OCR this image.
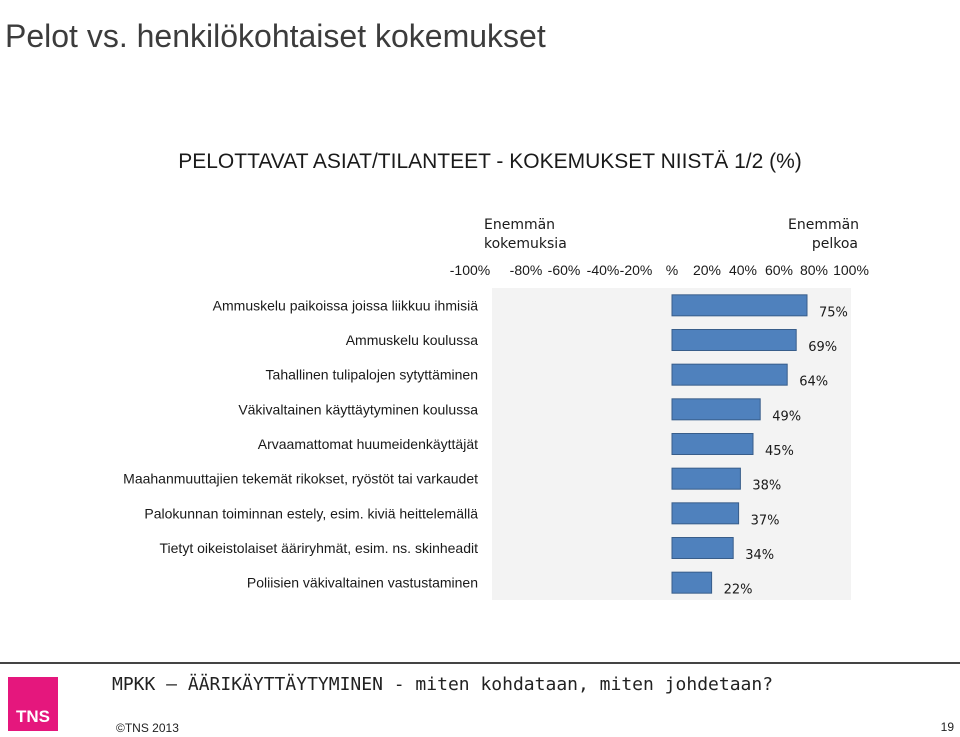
Pelot vs. henkilökohtaiset kokemukset
PELOTTAVAT ASIAT/TILANTEET - KOKEMUKSET NIISTÄ 1/2 (%)
Enemmän kokemuksia
Enemmän pelkoa
-100% -80% -60% -40% -20% % 20% 40% 60% 80% 100%
Ammuskelu paikoissa joissa liikkuu ihmisiä	75%
Ammuskelu koulussa	69%
Tahallinen tulipalojen sytyttäminen	64%
Väkivaltainen käyttäytyminen koulussa	49%
Arvaamattomat huumeidenkäyttäjät	45%
Maahanmuuttajien tekemät rikokset, ryöstöt tai varkaudet	38%
Palokunnan toiminnan estely, esim. kiviä heittelemällä	37%
Tietyt oikeistolaiset ääriryhmät, esim. ns. skinheadit	34%
Poliisien väkivaltainen vastustaminen	22%
TNS
MPKK – ÄÄRIKÄYTTÄYTYMINEN - miten kohdataan, miten johdetaan?
©TNS 2013	19
